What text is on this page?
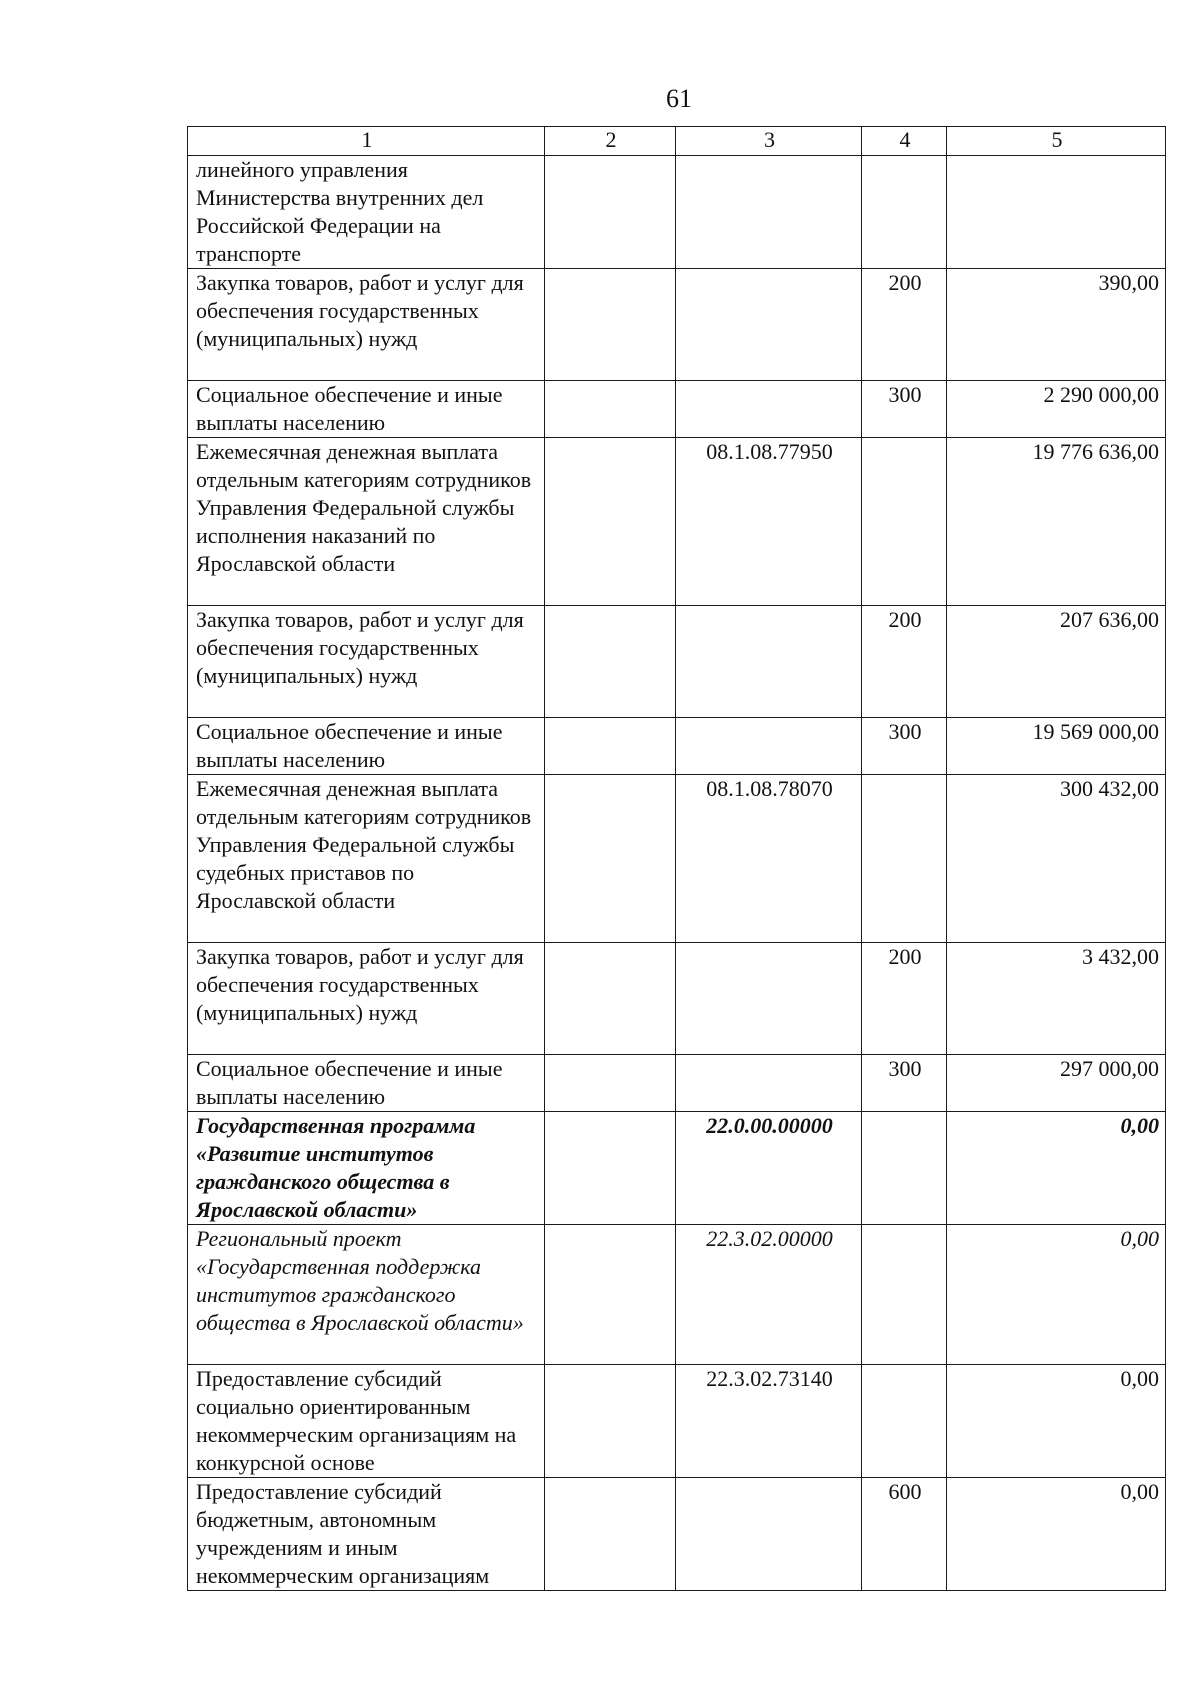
61
1	2	3	4	5
линейного управления Министерства внутренних дел Российской Федерации на транспорте				
Закупка товаров, работ и услуг для обеспечения государственных (муниципальных) нужд			200	390,00
Социальное обеспечение и иные выплаты населению			300	2 290 000,00
Ежемесячная денежная выплата отдельным категориям сотрудников Управления Федеральной службы исполнения наказаний по Ярославской области		08.1.08.77950		19 776 636,00
Закупка товаров, работ и услуг для обеспечения государственных (муниципальных) нужд			200	207 636,00
Социальное обеспечение и иные выплаты населению			300	19 569 000,00
Ежемесячная денежная выплата отдельным категориям сотрудников Управления Федеральной службы судебных приставов по Ярославской области		08.1.08.78070		300 432,00
Закупка товаров, работ и услуг для обеспечения государственных (муниципальных) нужд			200	3 432,00
Социальное обеспечение и иные выплаты населению			300	297 000,00
Государственная программа «Развитие институтов гражданского общества в Ярославской области»		22.0.00.00000		0,00
Региональный проект «Государственная поддержка институтов гражданского общества в Ярославской области»		22.3.02.00000		0,00
Предоставление субсидий социально ориентированным некоммерческим организациям на конкурсной основе		22.3.02.73140		0,00
Предоставление субсидий бюджетным, автономным учреждениям и иным некоммерческим организациям			600	0,00
